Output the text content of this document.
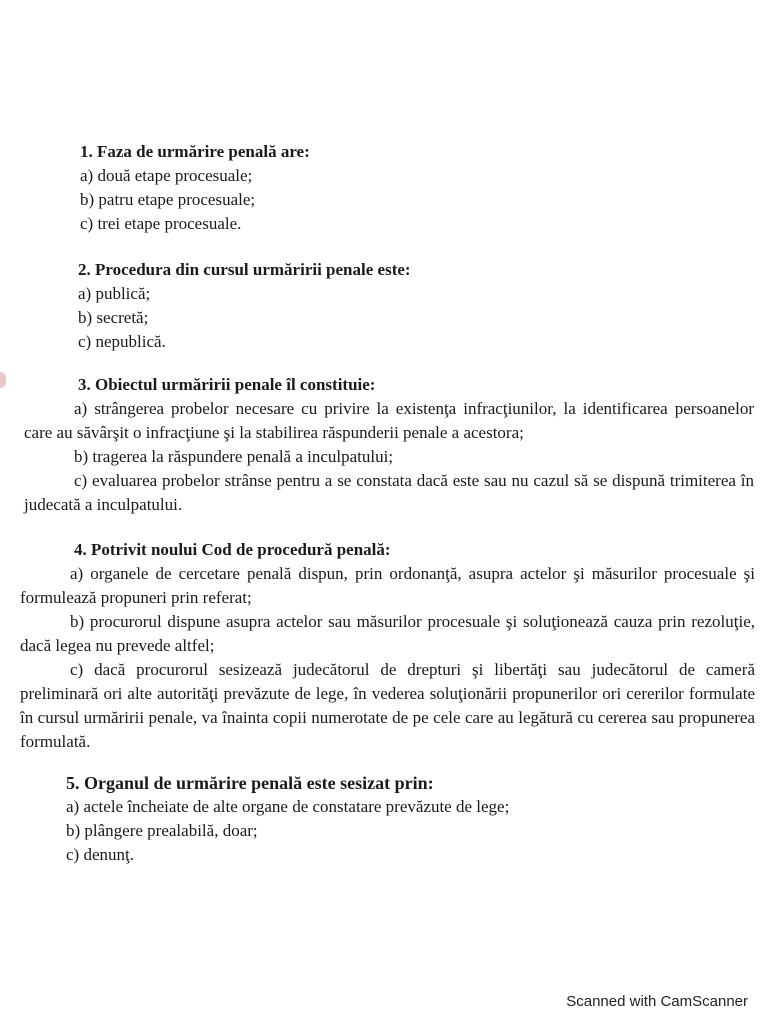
1. Faza de urmărire penală are:

a) două etape procesuale;

b) patru etape procesuale;

c) trei etape procesuale.

2. Procedura din cursul urmăririi penale este:

a) publică;

b) secretă;

c) nepublică.

3. Obiectul urmăririi penale îl constituie:

a) strângerea probelor necesare cu privire la existenţa infracţiunilor, la identificarea persoanelor care au săvârşit o infracţiune şi la stabilirea răspunderii penale a acestora;

b) tragerea la răspundere penală a inculpatului;

c) evaluarea probelor strânse pentru a se constata dacă este sau nu cazul să se dispună trimiterea în judecată a inculpatului.

4. Potrivit noului Cod de procedură penală:

a) organele de cercetare penală dispun, prin ordonanţă, asupra actelor şi măsurilor procesuale şi formulează propuneri prin referat;

b) procurorul dispune asupra actelor sau măsurilor procesuale şi soluţionează cauza prin rezoluţie, dacă legea nu prevede altfel;

c) dacă procurorul sesizează judecătorul de drepturi şi libertăţi sau judecătorul de cameră preliminară ori alte autorităţi prevăzute de lege, în vederea soluţionării propunerilor ori cererilor formulate în cursul urmăririi penale, va înainta copii numerotate de pe cele care au legătură cu cererea sau propunerea formulată.

5. Organul de urmărire penală este sesizat prin:

a) actele încheiate de alte organe de constatare prevăzute de lege;

b) plângere prealabilă, doar;

c) denunţ.

Scanned with CamScanner
